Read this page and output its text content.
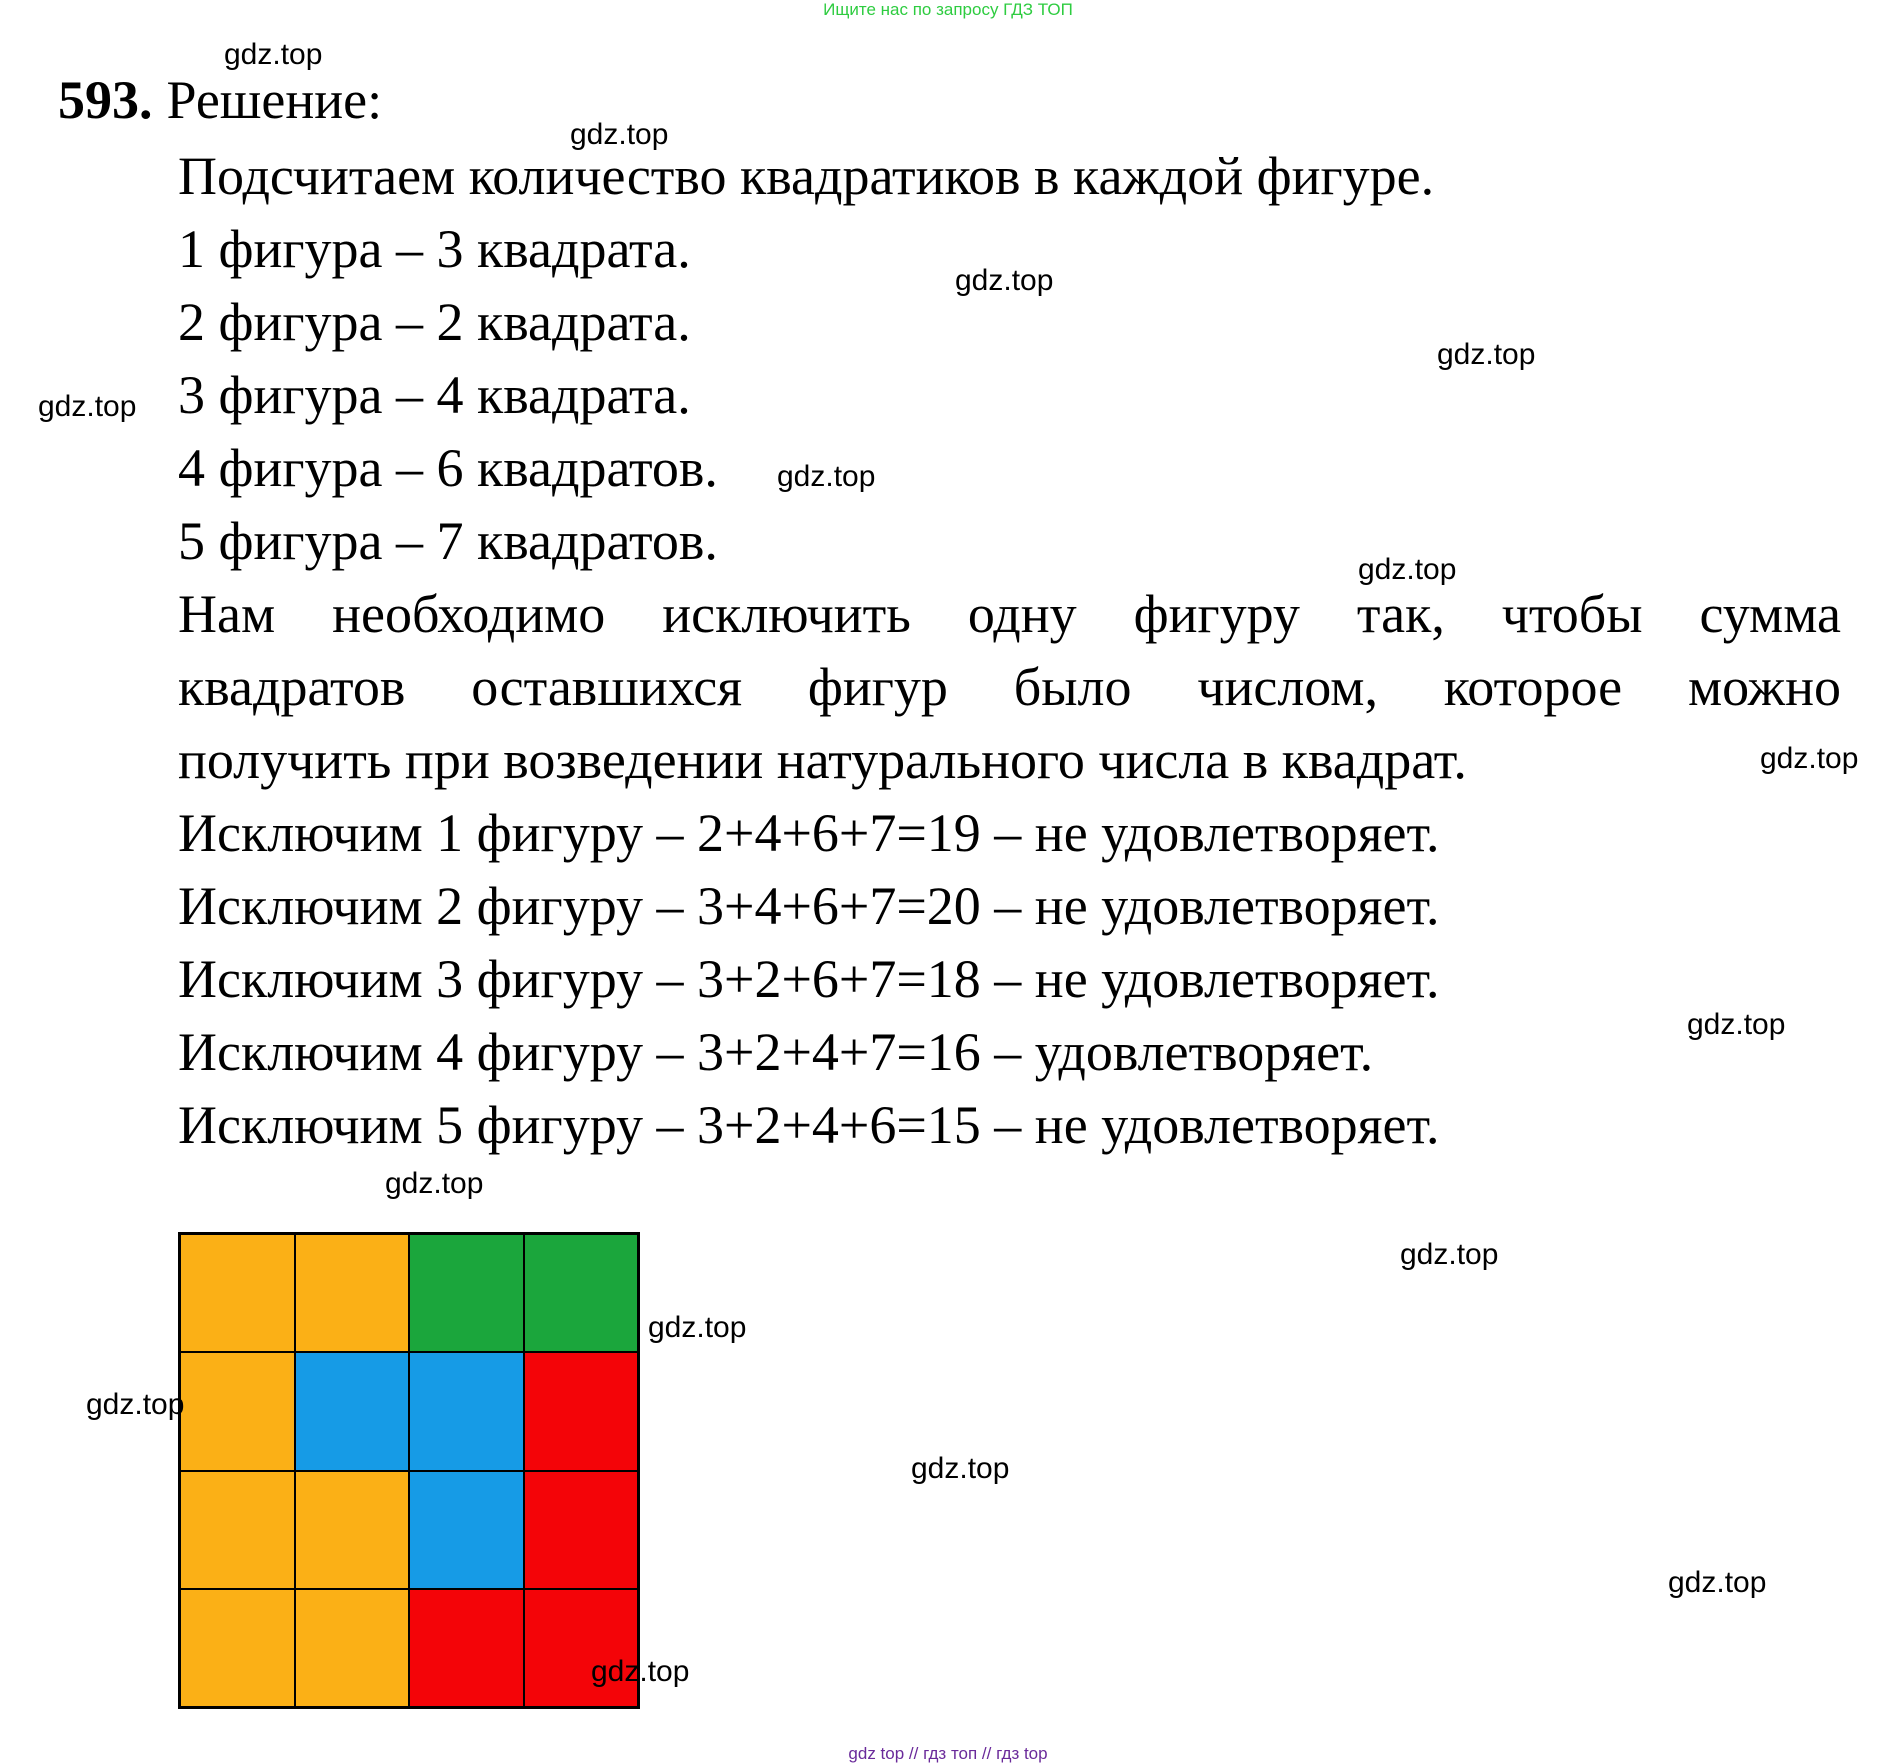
Ищите нас по запросу ГДЗ ТОП
593. Решение:
Подсчитаем количество квадратиков в каждой фигуре.
1 фигура – 3 квадрата.
2 фигура – 2 квадрата.
3 фигура – 4 квадрата.
4 фигура – 6 квадратов.
5 фигура – 7 квадратов.
Нам необходимо исключить одну фигуру так, чтобы сумма
квадратов оставшихся фигур было числом, которое можно
получить при возведении натурального числа в квадрат.
Исключим 1 фигуру – 2+4+6+7=19 – не удовлетворяет.
Исключим 2 фигуру – 3+4+6+7=20 – не удовлетворяет.
Исключим 3 фигуру – 3+2+6+7=18 – не удовлетворяет.
Исключим 4 фигуру – 3+2+4+7=16 – удовлетворяет.
Исключим 5 фигуру – 3+2+4+6=15 – не удовлетворяет.
gdz.top
gdz.top
gdz.top
gdz.top
gdz.top
gdz.top
gdz.top
gdz.top
gdz.top
gdz.top
gdz.top
gdz.top
gdz.top
gdz.top
gdz.top
gdz.top
gdz top // гдз топ // гдз top
